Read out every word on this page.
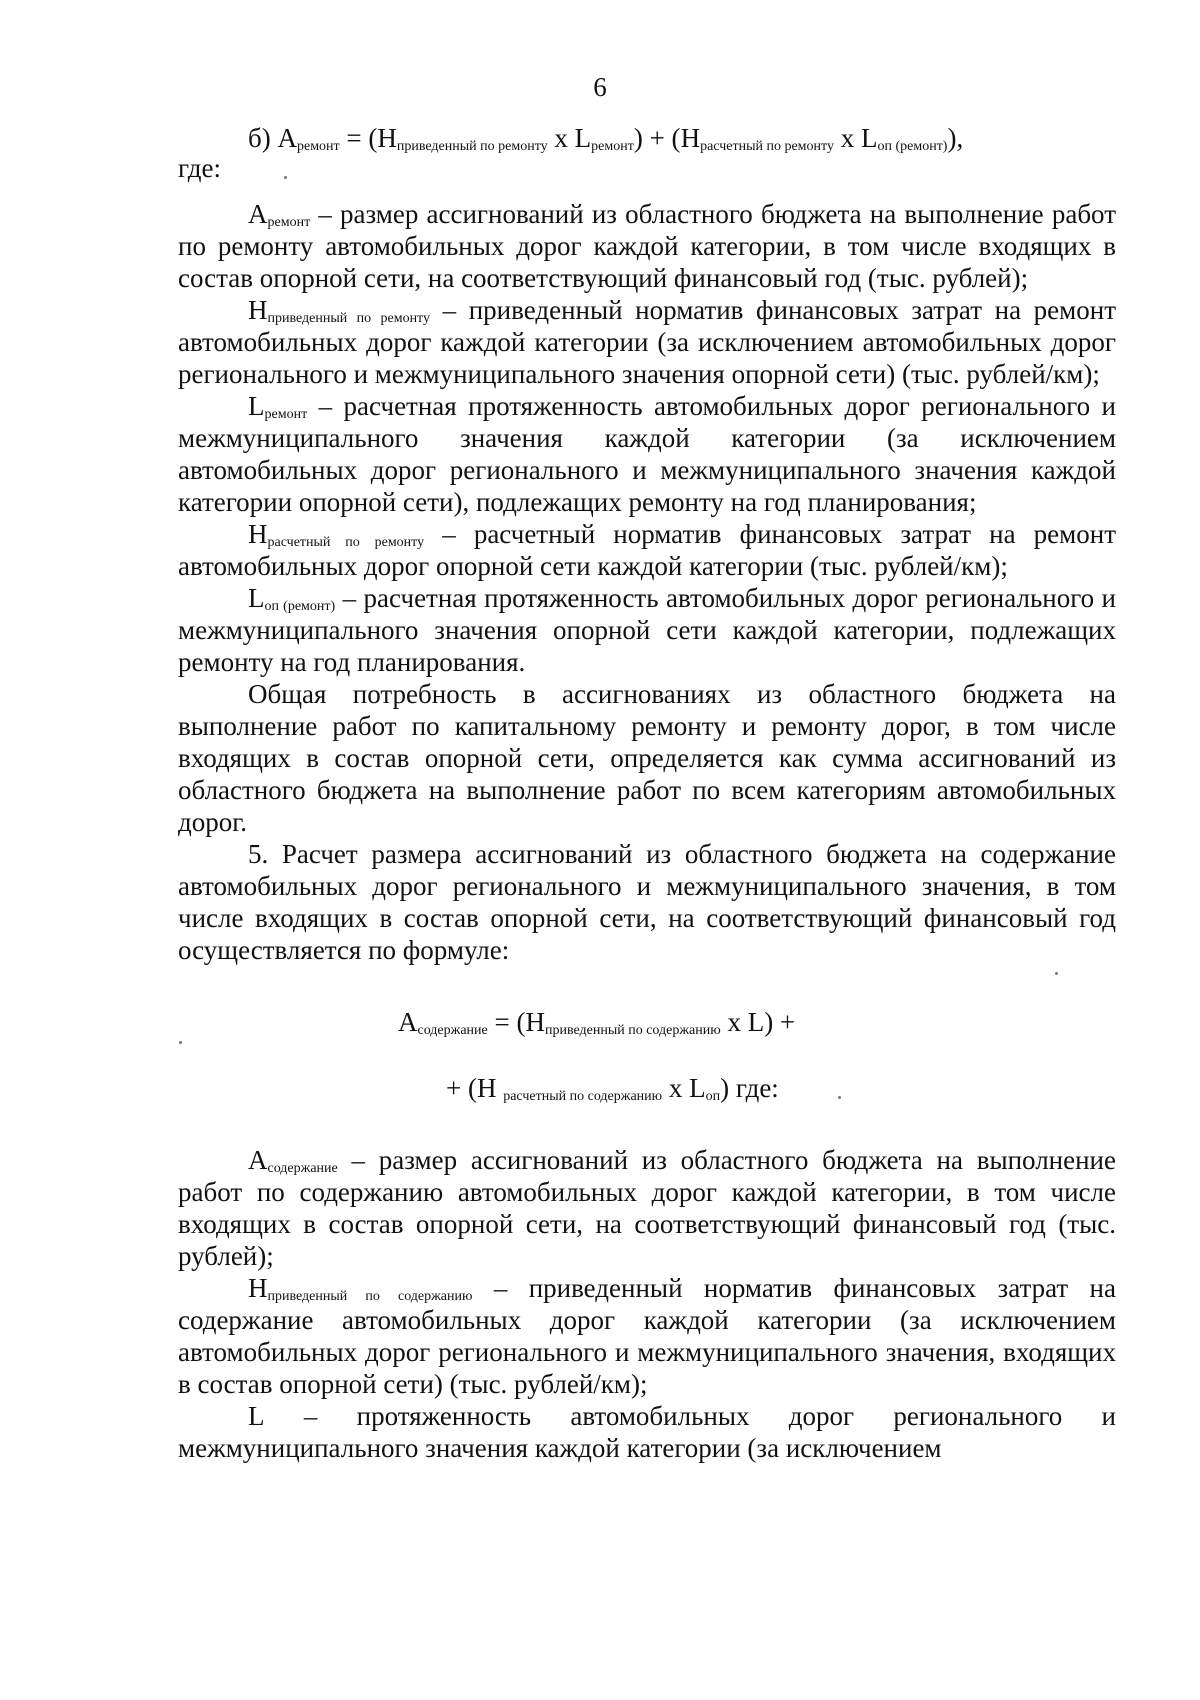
6
б) $А_{ремонт} = (Н_{приведенный по ремонту}$ х $L_{ремонт}) + (Н_{расчетный по ремонту}$ х $L_{оп (ремонт)}$),
где:

$А_{ремонт}$ – размер ассигнований из областного бюджета на выполнение работ по ремонту автомобильных дорог каждой категории, в том числе входящих в состав опорной сети, на соответствующий финансовый год (тыс. рублей);

$Н_{приведенный по ремонту}$ – приведенный норматив финансовых затрат на ремонт автомобильных дорог каждой категории (за исключением автомобильных дорог регионального и межмуниципального значения опорной сети) (тыс. рублей/км);

$L_{ремонт}$ – расчетная протяженность автомобильных дорог регионального и межмуниципального значения каждой категории (за исключением автомобильных дорог регионального и межмуниципального значения каждой категории опорной сети), подлежащих ремонту на год планирования;

$Н_{расчетный по ремонту}$ – расчетный норматив финансовых затрат на ремонт автомобильных дорог опорной сети каждой категории (тыс. рублей/км);

$L_{оп (ремонт)}$ – расчетная протяженность автомобильных дорог регионального и межмуниципального значения опорной сети каждой категории, подлежащих ремонту на год планирования.

Общая потребность в ассигнованиях из областного бюджета на выполнение работ по капитальному ремонту и ремонту дорог, в том числе входящих в состав опорной сети, определяется как сумма ассигнований из областного бюджета на выполнение работ по всем категориям автомобильных дорог.

5. Расчет размера ассигнований из областного бюджета на содержание автомобильных дорог регионального и межмуниципального значения, в том числе входящих в состав опорной сети, на соответствующий финансовый год осуществляется по формуле:

$А_{содержание} = (Н_{приведенный по содержанию}$ х L) +
+ (Н $_{расчетный по содержанию}$ х $L_{оп}$) где:

$А_{содержание}$ – размер ассигнований из областного бюджета на выполнение работ по содержанию автомобильных дорог каждой категории, в том числе входящих в состав опорной сети, на соответствующий финансовый год (тыс. рублей);

$Н_{приведенный по содержанию}$ – приведенный норматив финансовых затрат на содержание автомобильных дорог каждой категории (за исключением автомобильных дорог регионального и межмуниципального значения, входящих в состав опорной сети) (тыс. рублей/км);

L – протяженность автомобильных дорог регионального и межмуниципального значения каждой категории (за исключением
